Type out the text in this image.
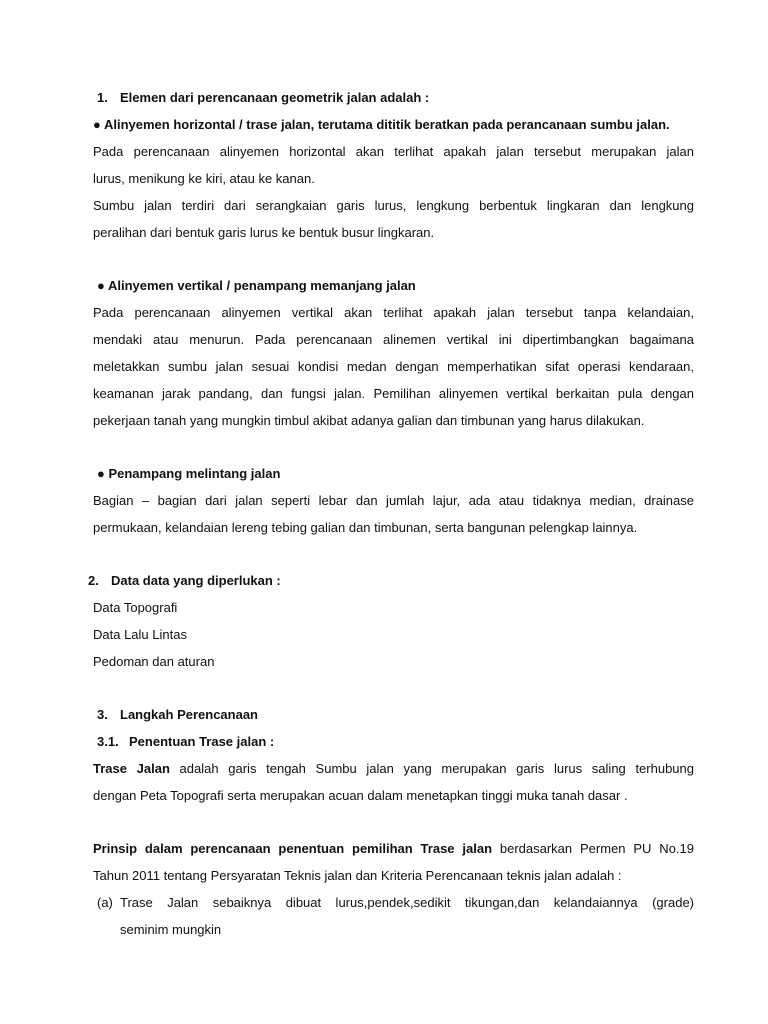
1. Elemen dari perencanaan geometrik jalan adalah :
● Alinyemen horizontal / trase jalan, terutama dititik beratkan pada perancanaan sumbu jalan.
Pada perencanaan alinyemen horizontal akan terlihat apakah jalan tersebut merupakan jalan
lurus, menikung ke kiri, atau ke kanan.
Sumbu jalan terdiri dari serangkaian garis lurus, lengkung berbentuk lingkaran dan lengkung
peralihan dari bentuk garis lurus ke bentuk busur lingkaran.
● Alinyemen vertikal / penampang memanjang jalan
Pada perencanaan alinyemen vertikal akan terlihat apakah jalan tersebut tanpa kelandaian,
mendaki atau menurun. Pada perencanaan alinemen vertikal ini dipertimbangkan bagaimana
meletakkan sumbu jalan sesuai kondisi medan dengan memperhatikan sifat operasi kendaraan,
keamanan jarak pandang, dan fungsi jalan. Pemilihan alinyemen vertikal berkaitan pula dengan
pekerjaan tanah yang mungkin timbul akibat adanya galian dan timbunan yang harus dilakukan.
● Penampang melintang jalan
Bagian – bagian dari jalan seperti lebar dan jumlah lajur, ada atau tidaknya median, drainase
permukaan, kelandaian lereng tebing galian dan timbunan, serta bangunan pelengkap lainnya.
2. Data data yang diperlukan :
Data Topografi
Data Lalu Lintas
Pedoman dan aturan
3. Langkah Perencanaan
3.1. Penentuan Trase jalan :
Trase Jalan adalah garis tengah Sumbu jalan yang merupakan garis lurus saling terhubung
dengan Peta Topografi serta merupakan acuan dalam menetapkan tinggi muka tanah dasar .
Prinsip dalam perencanaan penentuan pemilihan Trase jalan berdasarkan Permen PU No.19
Tahun 2011 tentang Persyaratan Teknis jalan dan Kriteria Perencanaan teknis jalan adalah :
(a) Trase Jalan sebaiknya dibuat lurus,pendek,sedikit tikungan,dan kelandaiannya (grade)
seminim mungkin
